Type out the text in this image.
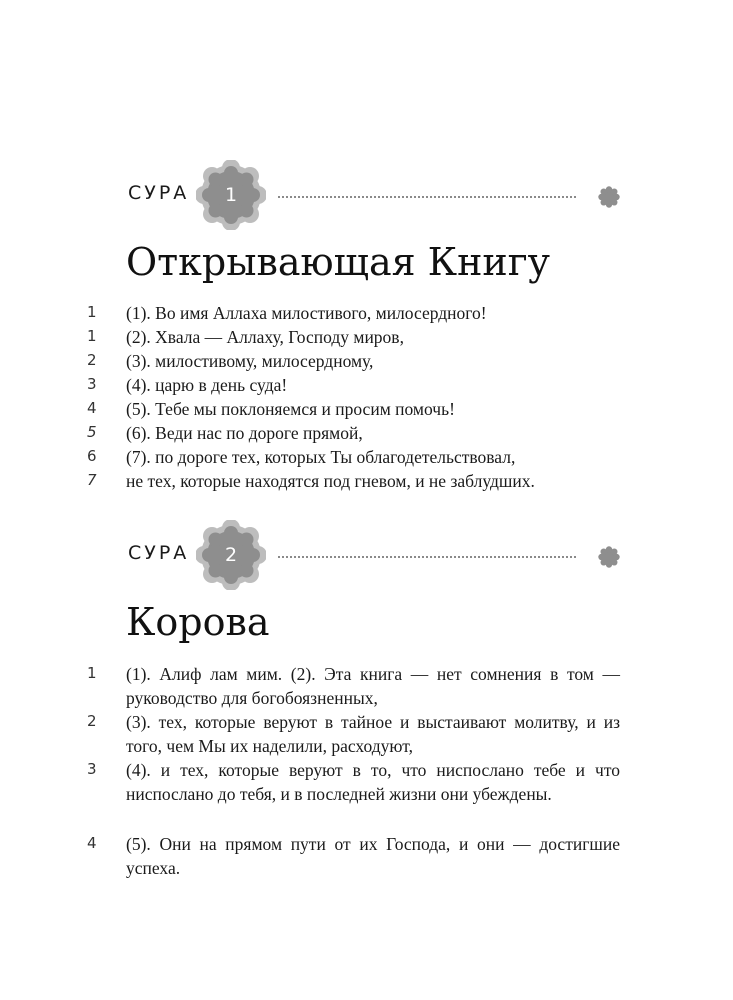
СУРА	1
Открывающая Книгу
1 (1). Во имя Аллаха милостивого, милосердного!
1 (2). Хвала — Аллаху, Господу миров,
2 (3). милостивому, милосердному,
3 (4). царю в день суда!
4 (5). Тебе мы поклоняемся и просим помочь!
5 (6). Веди нас по дороге прямой,
6 (7). по дороге тех, которых Ты облагодетельствовал,
7 не тех, которые находятся под гневом, и не заблудших.
СУРА	2
Корова
1 (1). Алиф лам мим. (2). Эта книга — нет сомнения в том — руководство для богобоязненных,
2 (3). тех, которые веруют в тайное и выстаивают молитву, и из того, чем Мы их наделили, расходуют,
3 (4). и тех, которые веруют в то, что ниспослано тебе и что ниспослано до тебя, и в последней жизни они убеждены.
4 (5). Они на прямом пути от их Господа, и они — достигшие успеха.
